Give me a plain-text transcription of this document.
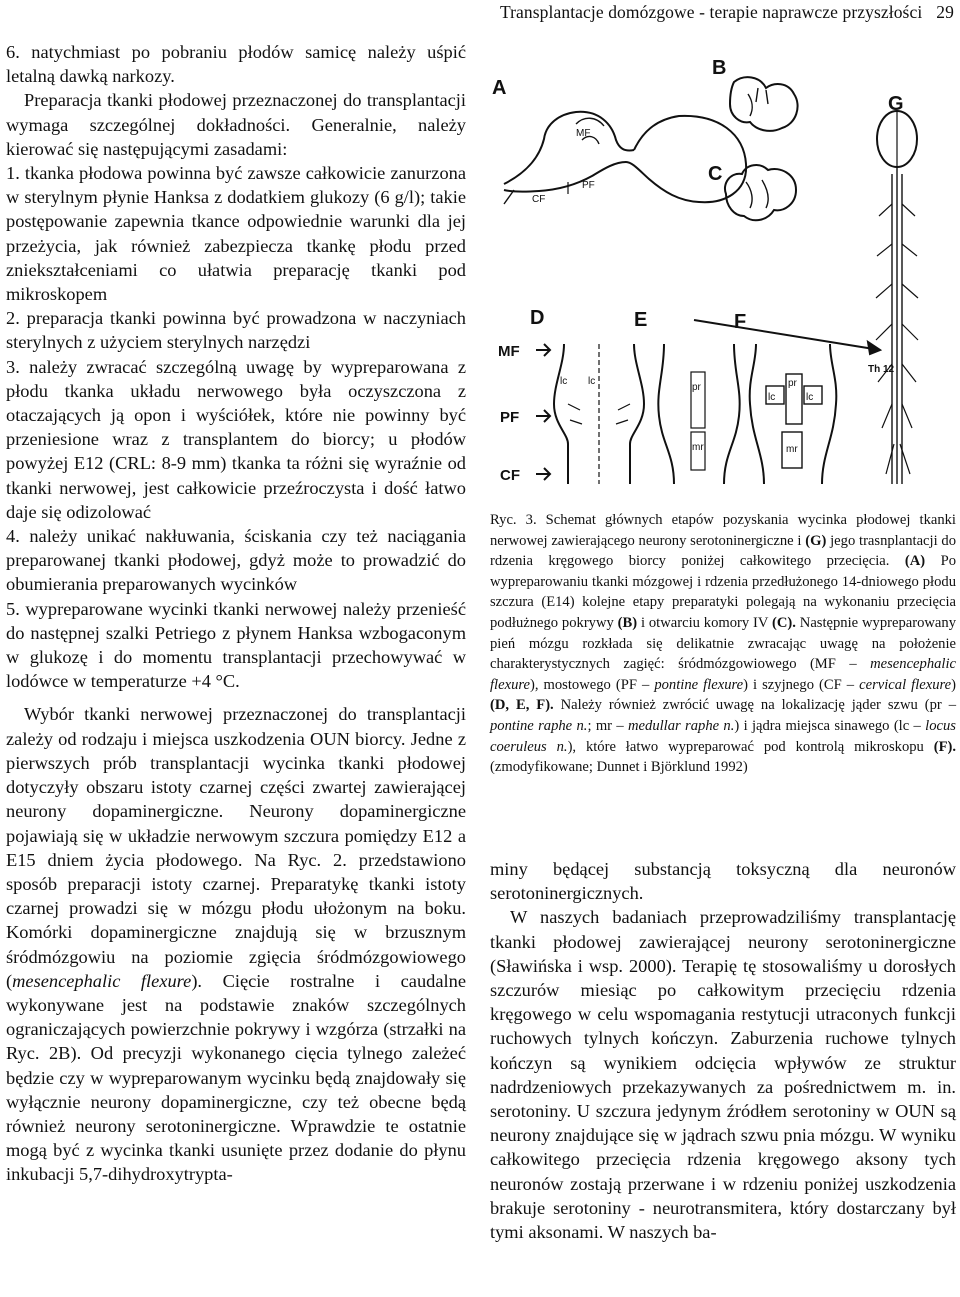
Transplantacje domózgowe - terapie naprawcze przyszłości 29

6. natychmiast po pobraniu płodów samicę należy uśpić letalną dawką narkozy.

Preparacja tkanki płodowej przeznaczonej do transplantacji wymaga szczególnej dokładności. Generalnie, należy kierować się następującymi zasadami:

1. tkanka płodowa powinna być zawsze całkowicie zanurzona w sterylnym płynie Hanksa z dodatkiem glukozy (6 g/l); takie postępowanie zapewnia tkance odpowiednie warunki dla jej przeżycia, jak również zabezpiecza tkankę płodu przed zniekształceniami co ułatwia preparację tkanki pod mikroskopem

2. preparacja tkanki powinna być prowadzona w naczyniach sterylnych z użyciem sterylnych narzędzi

3. należy zwracać szczególną uwagę by wypreparowana z płodu tkanka układu nerwowego była oczyszczona z otaczających ją opon i wyściółek, które nie powinny być przeniesione wraz z transplantem do biorcy; u płodów powyżej E12 (CRL: 8-9 mm) tkanka ta różni się wyraźnie od tkanki nerwowej, jest całkowicie przeźroczysta i dość łatwo daje się odizolować

4. należy unikać nakłuwania, ściskania czy też naciągania preparowanej tkanki płodowej, gdyż może to prowadzić do obumierania preparowanych wycinków

5. wypreparowane wycinki tkanki nerwowej należy przenieść do następnej szalki Petriego z płynem Hanksa wzbogaconym w glukozę i do momentu transplantacji przechowywać w lodówce w temperaturze +4 °C.

Wybór tkanki nerwowej przeznaczonej do transplantacji zależy od rodzaju i miejsca uszkodzenia OUN biorcy. Jedne z pierwszych prób transplantacji wycinka tkanki płodowej dotyczyły obszaru istoty czarnej części zwartej zawierającej neurony dopaminergiczne. Neurony dopaminergiczne pojawiają się w układzie nerwowym szczura pomiędzy E12 a E15 dniem życia płodowego. Na Ryc. 2. przedstawiono sposób preparacji istoty czarnej. Preparatykę tkanki istoty czarnej prowadzi się w mózgu płodu ułożonym na boku. Komórki dopaminergiczne znajdują się w brzusznym śródmózgowiu na poziomie zgięcia śródmózgowiowego (mesencephalic flexure). Cięcie rostralne i caudalne wykonywane jest na podstawie znaków szczególnych ograniczających powierzchnie pokrywy i wzgórza (strzałki na Ryc. 2B). Od precyzji wykonanego cięcia tylnego zależeć będzie czy w wypreparowanym wycinku będą znajdowały się wyłącznie neurony dopaminergiczne, czy też obecne będą również neurony serotoninergiczne. Wprawdzie te ostatnie mogą być z wycinka tkanki usunięte przez dodanie do płynu inkubacji 5,7-dihydroxytrypta-

A
B
C
G
D	E	F
MF
PF
CF
MF
PF
CF
lc lc
pr
mr
pr
lc	lc
mr
Th 12
Ryc. 3. Schemat głównych etapów pozyskania wycinka płodowej tkanki nerwowej zawierającego neurony serotoninergiczne i (G) jego trasnplantacji do rdzenia kręgowego biorcy poniżej całkowitego przecięcia. (A) Po wypreparowaniu tkanki mózgowej i rdzenia przedłużonego 14-dniowego płodu szczura (E14) kolejne etapy preparatyki polegają na wykonaniu przecięcia podłużnego pokrywy (B) i otwarciu komory IV (C). Następnie wypreparowany pień mózgu rozkłada się delikatnie zwracając uwagę na położenie charakterystycznych zagięć: śródmózgowiowego (MF – mesencephalic flexure), mostowego (PF – pontine flexure) i szyjnego (CF – cervical flexure) (D, E, F). Należy również zwrócić uwagę na lokalizację jąder szwu (pr – pontine raphe n.; mr – medullar raphe n.) i jądra miejsca sinawego (lc – locus coeruleus n.), które łatwo wypreparować pod kontrolą mikroskopu (F). (zmodyfikowane; Dunnet i Björklund 1992)

miny będącej substancją toksyczną dla neuronów serotoninergicznych.

W naszych badaniach przeprowadziliśmy transplantację tkanki płodowej zawierającej neurony serotoninergiczne (Sławińska i wsp. 2000). Terapię tę stosowaliśmy u dorosłych szczurów miesiąc po całkowitym przecięciu rdzenia kręgowego w celu wspomagania restytucji utraconych funkcji ruchowych tylnych kończyn. Zaburzenia ruchowe tylnych kończyn są wynikiem odcięcia wpływów ze struktur nadrdzeniowych przekazywanych za pośrednictwem m. in. serotoniny. U szczura jedynym źródłem serotoniny w OUN są neurony znajdujące się w jądrach szwu pnia mózgu. W wyniku całkowitego przecięcia rdzenia kręgowego aksony tych neuronów zostają przerwane i w rdzeniu poniżej uszkodzenia brakuje serotoniny - neurotransmitera, który dostarczany był tymi aksonami. W naszych ba-
